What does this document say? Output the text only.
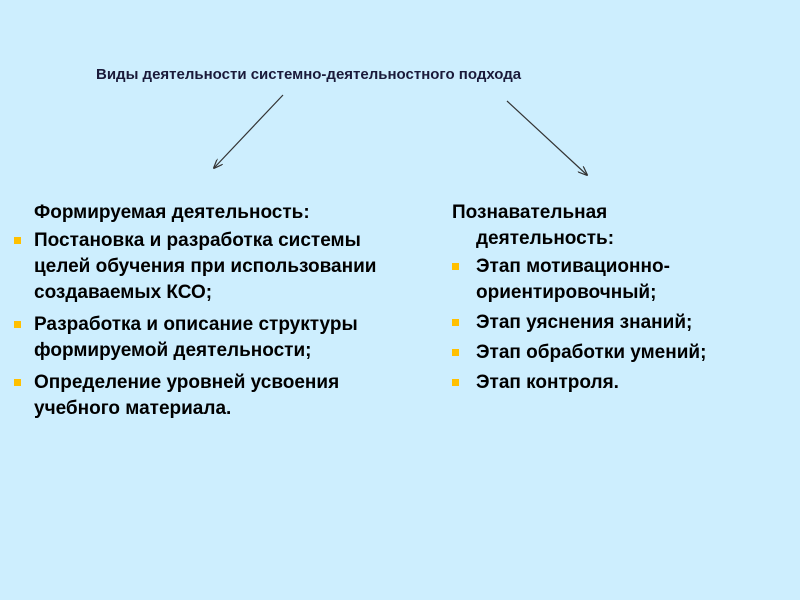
Виды деятельности системно-деятельностного подхода
Формируемая деятельность:
Постановка и разработка системы целей обучения при использовании создаваемых КСО;
Разработка и описание структуры формируемой деятельности;
Определение уровней усвоения учебного материала.
Познавательная
деятельность:
Этап мотивационно-ориентировочный;
Этап уяснения знаний;
Этап обработки умений;
Этап контроля.
